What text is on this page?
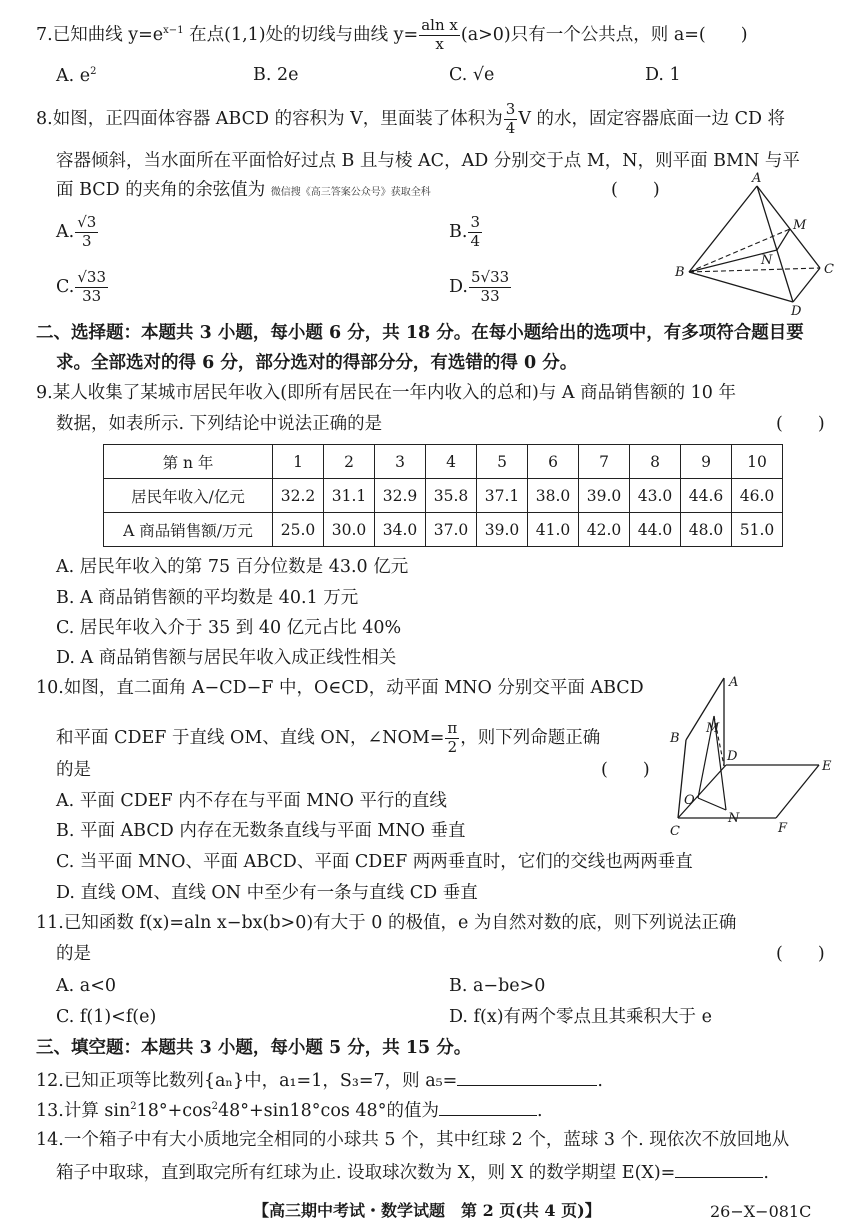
7.已知曲线 $y=e^{x-1}$ 在点(1,1)处的切线与曲线 $y= \frac{\text{aln x}}{x} (a>0)$只有一个公共点，则 a=(　　)
A. $e^2$	B. 2e	C. √e	D. 1
8.如图，正四面体容器 ABCD 的容积为 V，里面装了体积为 $\frac{3}{4}$ V 的水，固定容器底面一边 CD 将
容器倾斜，当水面所在平面恰好过点 B 且与棱 AC，AD 分别交于点 M，N，则平面 BMN 与平
面 BCD 的夹角的余弦值为 微信搜《高三答案公众号》获取全科	(　　)
A. $\frac{√3}{3}$	B. $\frac{3}{4}$
C. $\frac{√33}{33}$	D. $\frac{5√33}{33}$
A
B	C
D
M
N
二、选择题：本题共 3 小题，每小题 6 分，共 18 分。在每小题给出的选项中，有多项符合题目要
求。全部选对的得 6 分，部分选对的得部分分，有选错的得 0 分。
9.某人收集了某城市居民年收入(即所有居民在一年内收入的总和)与 A 商品销售额的 10 年
数据，如表所示. 下列结论中说法正确的是	(　　)
第 n 年	1	2	3	4	5	6	7	8	9	10
居民年收入/亿元	32.2	31.1	32.9	35.8	37.1	38.0	39.0	43.0	44.6	46.0
A 商品销售额/万元	25.0	30.0	34.0	37.0	39.0	41.0	42.0	44.0	48.0	51.0
A. 居民年收入的第 75 百分位数是 43.0 亿元
B. A 商品销售额的平均数是 40.1 万元
C. 居民年收入介于 35 到 40 亿元占比 40%
D. A 商品销售额与居民年收入成正线性相关
10.如图，直二面角 A−CD−F 中，O∈CD，动平面 MNO 分别交平面 ABCD
和平面 CDEF 于直线 OM、直线 ON，∠NOM= $\frac{\pi}{2}$ ，则下列命题正确
的是	(　　)
A. 平面 CDEF 内不存在与平面 MNO 平行的直线
B. 平面 ABCD 内存在无数条直线与平面 MNO 垂直
C. 当平面 MNO、平面 ABCD、平面 CDEF 两两垂直时，它们的交线也两两垂直
D. 直线 OM、直线 ON 中至少有一条与直线 CD 垂直
A
B
M
D
E
O
N
C	F
11.已知函数 f(x)=aln x−bx(b>0)有大于 0 的极值，e 为自然对数的底，则下列说法正确
的是	(　　)
A. a<0	B. a−be>0
C. f(1)<f(e)	D. f(x)有两个零点且其乘积大于 e
三、填空题：本题共 3 小题，每小题 5 分，共 15 分。
12.已知正项等比数列{aₙ}中，a₁=1，S₃=7，则 a₅=	.
13.计算 $\sin^218^\circ+\cos^248^\circ+\sin 18^\circ\cos$ 48°的值为	.
14.一个箱子中有大小质地完全相同的小球共 5 个，其中红球 2 个，蓝球 3 个. 现依次不放回地从
箱子中取球，直到取完所有红球为止. 设取球次数为 X，则 X 的数学期望 E(X)=	.
【高三期中考试・数学试题　第 2 页(共 4 页)】	26−X−081C
